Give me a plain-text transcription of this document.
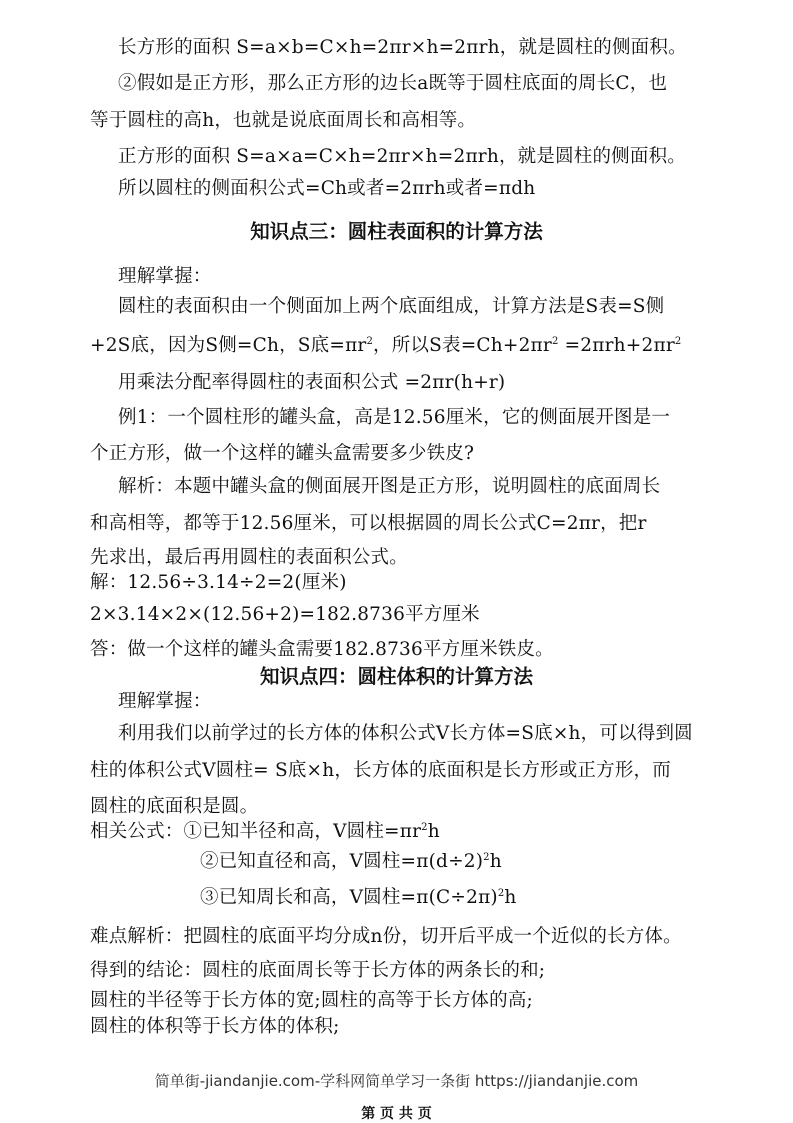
长方形的面积 S=a×b=C×h=2πr×h=2πrh，就是圆柱的侧面积。
②假如是正方形，那么正方形的边长a既等于圆柱底面的周长C，也
等于圆柱的高h，也就是说底面周长和高相等。
正方形的面积 S=a×a=C×h=2πr×h=2πrh，就是圆柱的侧面积。
所以圆柱的侧面积公式=Ch或者=2πrh或者=πdh
知识点三：圆柱表面积的计算方法
理解掌握：
圆柱的表面积由一个侧面加上两个底面组成，计算方法是S表=S侧
+2S底，因为S侧=Ch，S底$=\pi r^2$，所以S表$=Ch+2\pi r^2 =2\pi rh+2\pi r^2$
用乘法分配率得圆柱的表面积公式 =2πr(h+r)
例1：一个圆柱形的罐头盒，高是12.56厘米，它的侧面展开图是一
个正方形，做一个这样的罐头盒需要多少铁皮?
解析：本题中罐头盒的侧面展开图是正方形，说明圆柱的底面周长
和高相等，都等于12.56厘米，可以根据圆的周长公式C=2πr，把r
先求出，最后再用圆柱的表面积公式。
解：12.56÷3.14÷2=2(厘米)
2×3.14×2×(12.56+2)=182.8736平方厘米
答：做一个这样的罐头盒需要182.8736平方厘米铁皮。
知识点四：圆柱体积的计算方法
理解掌握：
利用我们以前学过的长方体的体积公式V长方体=S底×h，可以得到圆
柱的体积公式V圆柱= S底×h，长方体的底面积是长方形或正方形，而
圆柱的底面积是圆。
相关公式：①已知半径和高，V圆柱$=\pi r^2h$
②已知直径和高，V圆柱$=\pi(d\div 2)^2h$
③已知周长和高，V圆柱$=\pi(C\div 2\pi)^2h$
难点解析：把圆柱的底面平均分成n份，切开后平成一个近似的长方体。
得到的结论：圆柱的底面周长等于长方体的两条长的和;
圆柱的半径等于长方体的宽;圆柱的高等于长方体的高;
圆柱的体积等于长方体的体积;
简单街-jiandanjie.com-学科网简单学习一条街 https://jiandanjie.com
第 页 共 页
